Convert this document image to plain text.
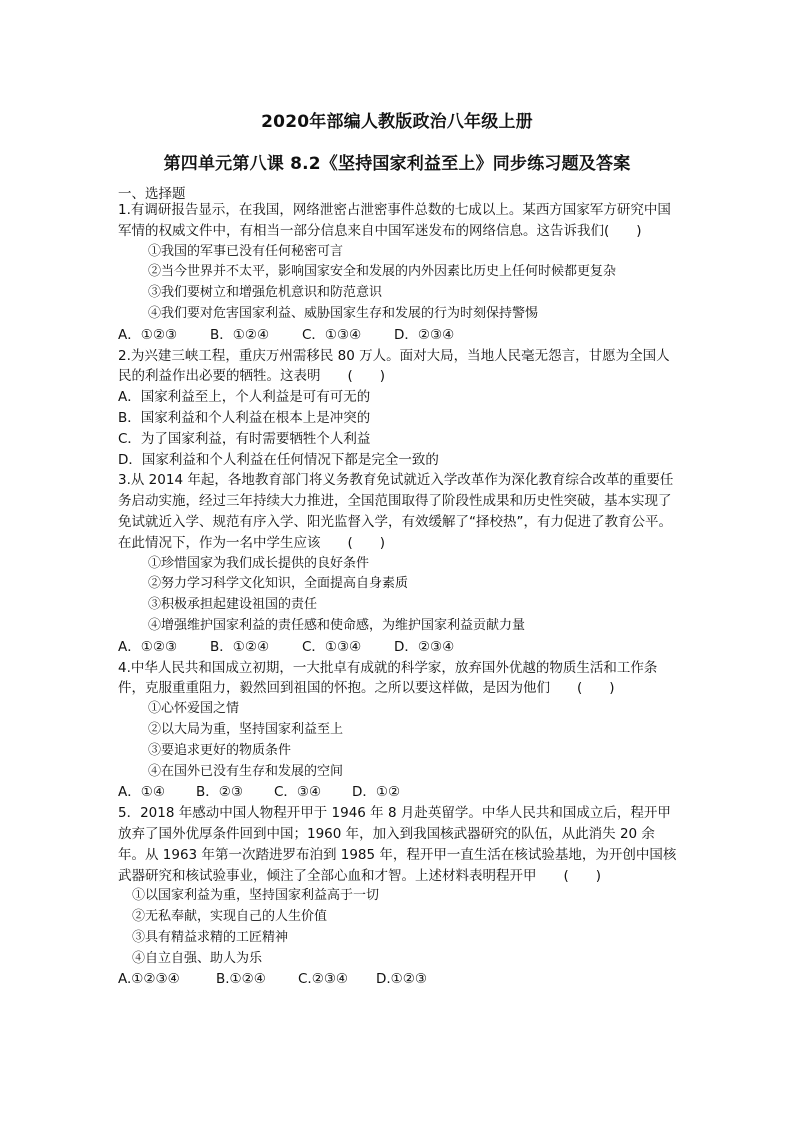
2020年部编人教版政治八年级上册
第四单元第八课 8.2《坚持国家利益至上》同步练习题及答案
一、选择题
1.有调研报告显示，在我国，网络泄密占泄密事件总数的七成以上。某西方国家军方研究中国军情的权威文件中，有相当一部分信息来自中国军迷发布的网络信息。这告诉我们(　　)
①我国的军事已没有任何秘密可言
②当今世界并不太平，影响国家安全和发展的内外因素比历史上任何时候都更复杂
③我们要树立和增强危机意识和防范意识
④我们要对危害国家利益、威胁国家生存和发展的行为时刻保持警惕
A．①②③	B．①②④	C．①③④	D．②③④
2.为兴建三峡工程，重庆万州需移民 80 万人。面对大局，当地人民毫无怨言，甘愿为全国人民的利益作出必要的牺牲。这表明　　(　　)
A．国家利益至上，个人利益是可有可无的
B．国家利益和个人利益在根本上是冲突的
C．为了国家利益，有时需要牺牲个人利益
D．国家利益和个人利益在任何情况下都是完全一致的
3.从 2014 年起，各地教育部门将义务教育免试就近入学改革作为深化教育综合改革的重要任务启动实施，经过三年持续大力推进，全国范围取得了阶段性成果和历史性突破，基本实现了免试就近入学、规范有序入学、阳光监督入学，有效缓解了“择校热”，有力促进了教育公平。在此情况下，作为一名中学生应该　　(　　)
①珍惜国家为我们成长提供的良好条件
②努力学习科学文化知识，全面提高自身素质
③积极承担起建设祖国的责任
④增强维护国家利益的责任感和使命感，为维护国家利益贡献力量
A．①②③	B．①②④	C．①③④	D．②③④
4.中华人民共和国成立初期，一大批卓有成就的科学家，放弃国外优越的物质生活和工作条件，克服重重阻力，毅然回到祖国的怀抱。之所以要这样做，是因为他们　　(　　)
①心怀爱国之情
②以大局为重，坚持国家利益至上
③要追求更好的物质条件
④在国外已没有生存和发展的空间
A．①④	B．②③	C．③④	D．①②
5．2018 年感动中国人物程开甲于 1946 年 8 月赴英留学。中华人民共和国成立后，程开甲放弃了国外优厚条件回到中国；1960 年，加入到我国核武器研究的队伍，从此消失 20 余年。从 1963 年第一次踏进罗布泊到 1985 年，程开甲一直生活在核试验基地，为开创中国核武器研究和核试验事业，倾注了全部心血和才智。上述材料表明程开甲　　(　　)
①以国家利益为重，坚持国家利益高于一切
②无私奉献，实现自己的人生价值
③具有精益求精的工匠精神
④自立自强、助人为乐
A.①②③④	B.①②④	C.②③④	D.①②③
